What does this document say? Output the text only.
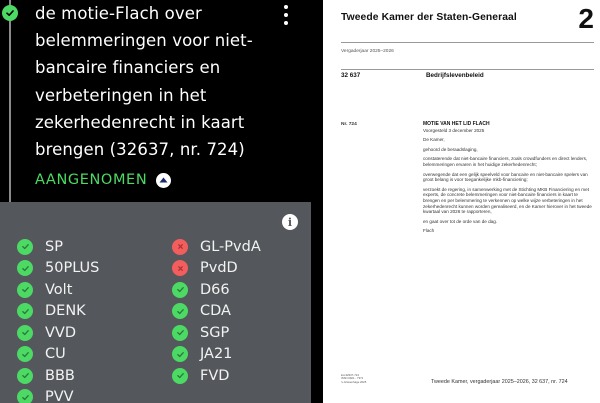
de motie-Flach over
belemmeringen voor niet-
bancaire financiers en
verbeteringen in het
zekerhedenrecht in kaart
brengen (32637, nr. 724)
AANGENOMEN
i
SP
50PLUS
Volt
DENK
VVD
CU
BBB
PVV
GL-PvdA
PvdD
D66
CDA
SGP
JA21
FVD
Tweede Kamer der Staten-Generaal 2
Vergaderjaar 2025–2026
32 637	Bedrijfslevenbeleid
Nr. 724	MOTIE VAN HET LID FLACH

Voorgesteld 3 december 2025

De Kamer,

gehoord de beraadslaging,

constaterende dat niet-bancaire financiers, zoals crowdfunders en direct lenders, belemmeringen ervaren in het huidige zekerhedenrecht;

overwegende dat een gelijk speelveld voor bancaire en niet-bancaire spelers van groot belang is voor toegankelijke mkb-financiering;

verzoekt de regering, in samenwerking met de Stichting MKB Financiering en met experts, de concrete belemmeringen voor niet-bancaire financiers in kaart te brengen en per belemmering te verkennen op welke wijze verbeteringen in het zekerhedenrecht kunnen worden gerealiseerd, en de Kamer hierover in het tweede kwartaal van 2026 te rapporteren,

en gaat over tot de orde van de dag.

Flach

kst-32637-724
ISSN 0921 - 7371
's-Gravenhage 2025	Tweede Kamer, vergaderjaar 2025–2026, 32 637, nr. 724
